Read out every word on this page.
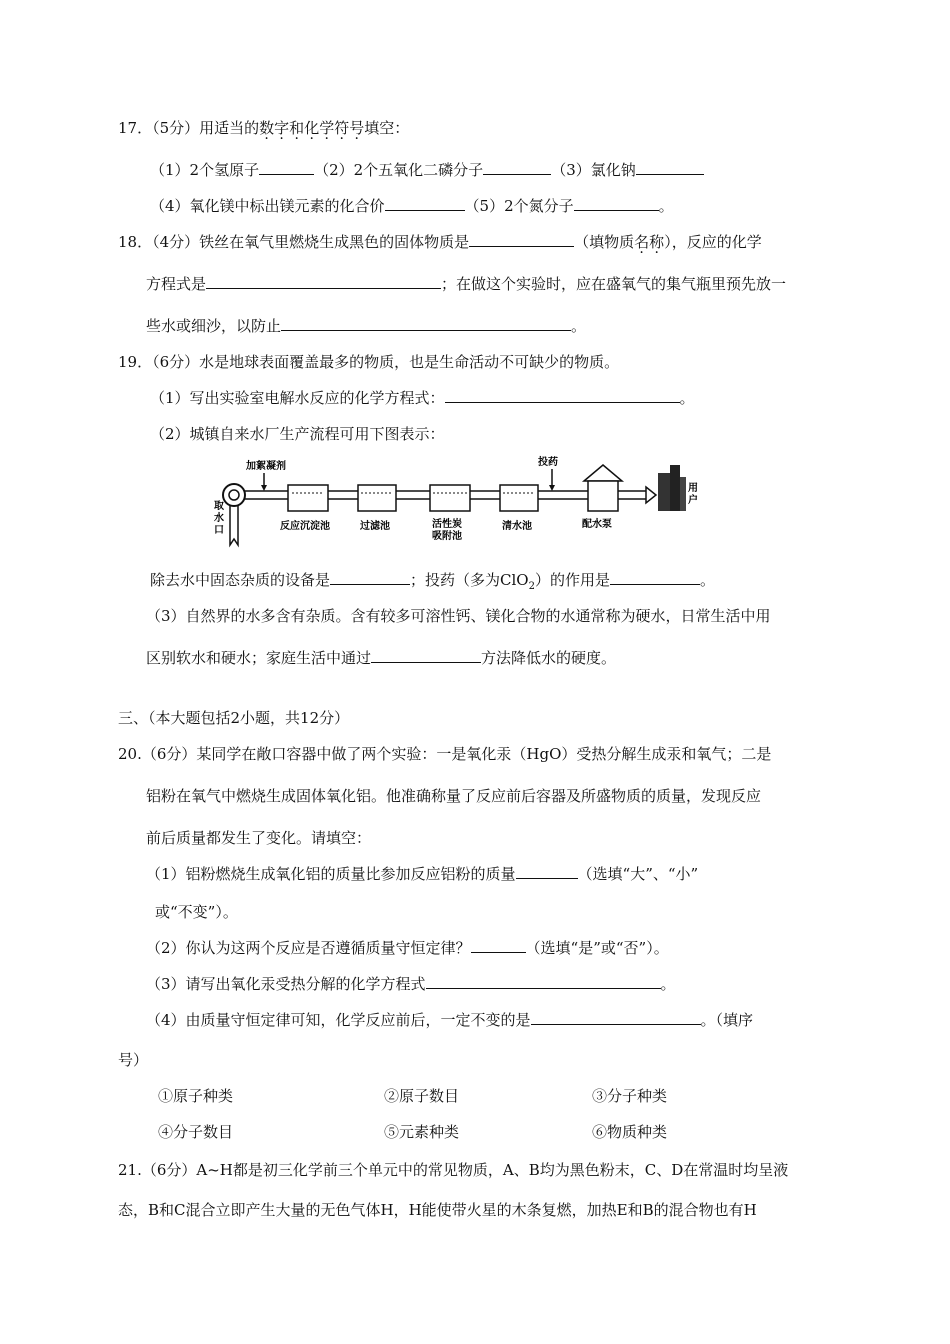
17．（5分）用适当的数字和化学符号填空：
（1）2个氢原子	（2）2个五氧化二磷分子	（3）氯化钠
（4）氧化镁中标出镁元素的化合价	（5）2个氮分子	。
18．（4分）铁丝在氧气里燃烧生成黑色的固体物质是	（填物质名称），反应的化学
方程式是	；在做这个实验时，应在盛氧气的集气瓶里预先放一
些水或细沙，以防止	。
19．（6分）水是地球表面覆盖最多的物质，也是生命活动不可缺少的物质。
（1）写出实验室电解水反应的化学方程式：	。
（2）城镇自来水厂生产流程可用下图表示：
取
水
口
加絮凝剂
反应沉淀池	过滤池	活性炭
吸附池
清水池
投药
配水泵
用
户
除去水中固态杂质的设备是	；投药（多为ClO$_2$）的作用是	。
（3）自然界的水多含有杂质。含有较多可溶性钙、镁化合物的水通常称为硬水，日常生活中用
区别软水和硬水；家庭生活中通过	方法降低水的硬度。
三、（本大题包括2小题，共12分）
20.（6分）某同学在敞口容器中做了两个实验：一是氧化汞（HgO）受热分解生成汞和氧气；二是
铝粉在氧气中燃烧生成固体氧化铝。他准确称量了反应前后容器及所盛物质的质量，发现反应
前后质量都发生了变化。请填空：
（1）铝粉燃烧生成氧化铝的质量比参加反应铝粉的质量	（选填“大”、“小”
或“不变”）。
（2）你认为这两个反应是否遵循质量守恒定律？	（选填“是”或“否”）。
（3）请写出氧化汞受热分解的化学方程式	。
（4）由质量守恒定律可知，化学反应前后，一定不变的是	。（填序
号）
①原子种类	②原子数目	③分子种类
④分子数目	⑤元素种类	⑥物质种类
21.（6分）A~H都是初三化学前三个单元中的常见物质，A、B均为黑色粉末，C、D在常温时均呈液
态，B和C混合立即产生大量的无色气体H，H能使带火星的木条复燃，加热E和B的混合物也有H
